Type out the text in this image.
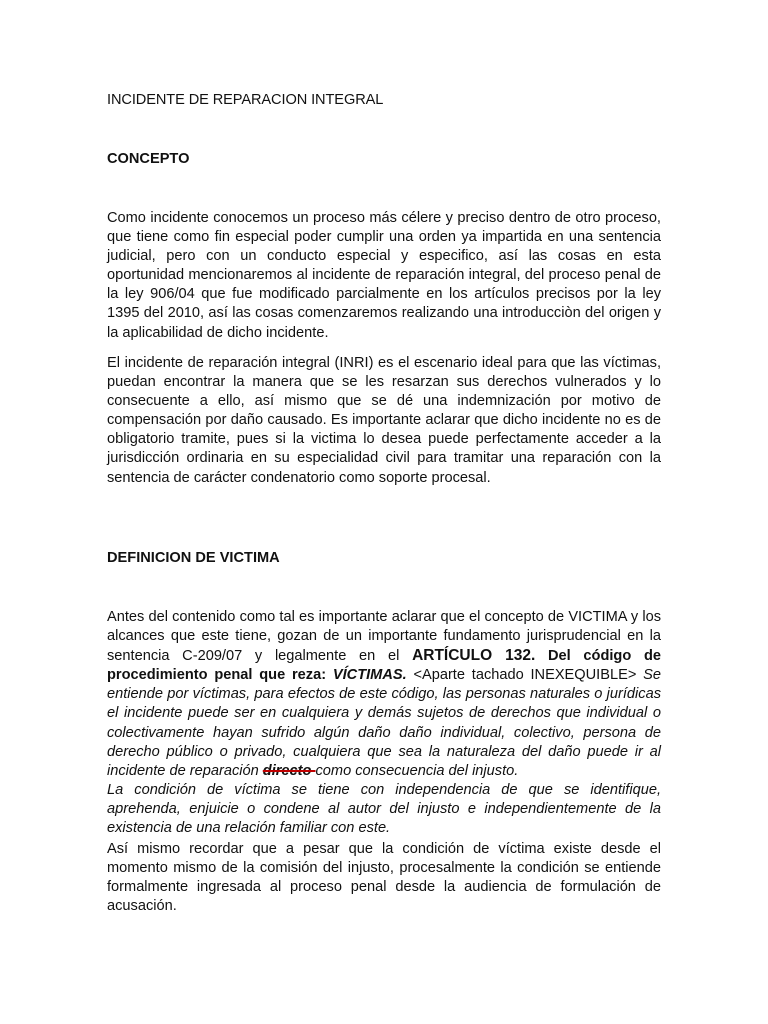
INCIDENTE DE REPARACION INTEGRAL
CONCEPTO

Como incidente conocemos un proceso más célere y preciso dentro de otro proceso, que tiene como fin especial poder cumplir una orden ya impartida en una sentencia judicial, pero con un conducto especial y especifico, así las cosas en esta oportunidad mencionaremos al incidente de reparación integral, del proceso penal de la ley 906/04 que fue modificado parcialmente en los artículos precisos por la ley 1395 del 2010, así las cosas comenzaremos realizando una introducciòn del origen y la aplicabilidad de dicho incidente.

El incidente de reparación integral (INRI) es el escenario ideal para que las víctimas, puedan encontrar la manera que se les resarzan sus derechos vulnerados y lo consecuente a ello, así mismo que se dé una indemnización por motivo de compensación por daño causado. Es importante aclarar que dicho incidente no es de obligatorio tramite, pues si la victima lo desea puede perfectamente acceder a la jurisdicción ordinaria en su especialidad civil para tramitar una reparación con la sentencia de carácter condenatorio como soporte procesal.

DEFINICION DE VICTIMA
Antes del contenido como tal es importante aclarar que el concepto de VICTIMA y los alcances que este tiene, gozan de un importante fundamento jurisprudencial en la sentencia C-209/07 y legalmente en el ARTÍCULO 132. Del código de procedimiento penal que reza: VÍCTIMAS. <Aparte tachado INEXEQUIBLE> Se entiende por víctimas, para efectos de este código, las personas naturales o jurídicas el incidente puede ser en cualquiera y demás sujetos de derechos que individual o colectivamente hayan sufrido algún daño daño individual, colectivo, persona de derecho público o privado, cualquiera que sea la naturaleza del daño puede ir al incidente de reparación directo como consecuencia del injusto.
La condición de víctima se tiene con independencia de que se identifique, aprehenda, enjuicie o condene al autor del injusto e independientemente de la existencia de una relación familiar con este.

Así mismo recordar que a pesar que la condición de víctima existe desde el momento mismo de la comisión del injusto, procesalmente la condición se entiende formalmente ingresada al proceso penal desde la audiencia de formulación de acusación.
